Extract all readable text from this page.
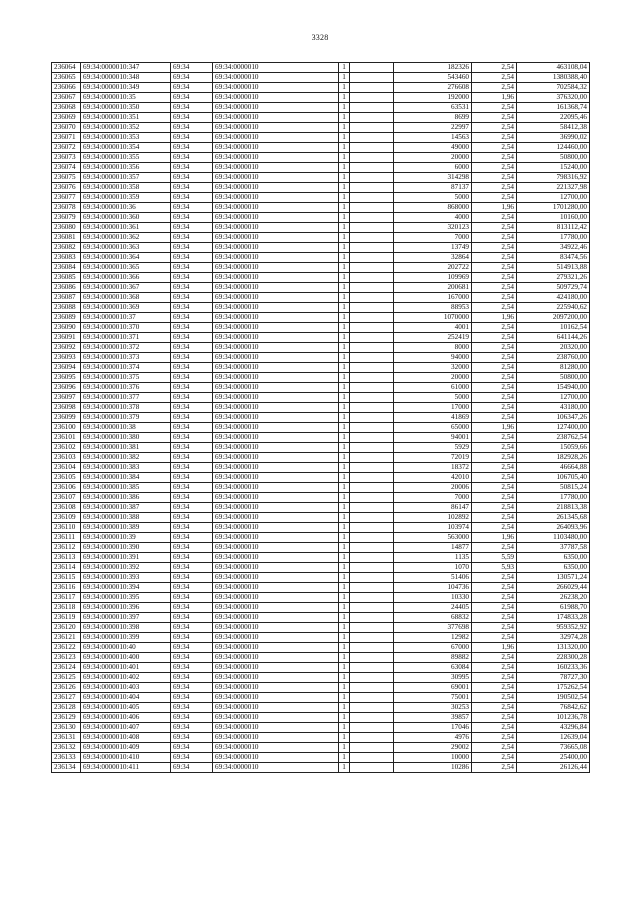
3328
236064	69:34:0000010:347	69:34	69:34:0000010	1		182326	2,54	463108,04
236065	69:34:0000010:348	69:34	69:34:0000010	1		543460	2,54	1380388,40
236066	69:34:0000010:349	69:34	69:34:0000010	1		276608	2,54	702584,32
236067	69:34:0000010:35	69:34	69:34:0000010	1		192000	1,96	376320,00
236068	69:34:0000010:350	69:34	69:34:0000010	1		63531	2,54	161368,74
236069	69:34:0000010:351	69:34	69:34:0000010	1		8699	2,54	22095,46
236070	69:34:0000010:352	69:34	69:34:0000010	1		22997	2,54	58412,38
236071	69:34:0000010:353	69:34	69:34:0000010	1		14563	2,54	36990,02
236072	69:34:0000010:354	69:34	69:34:0000010	1		49000	2,54	124460,00
236073	69:34:0000010:355	69:34	69:34:0000010	1		20000	2,54	50800,00
236074	69:34:0000010:356	69:34	69:34:0000010	1		6000	2,54	15240,00
236075	69:34:0000010:357	69:34	69:34:0000010	1		314298	2,54	798316,92
236076	69:34:0000010:358	69:34	69:34:0000010	1		87137	2,54	221327,98
236077	69:34:0000010:359	69:34	69:34:0000010	1		5000	2,54	12700,00
236078	69:34:0000010:36	69:34	69:34:0000010	1		868000	1,96	1701280,00
236079	69:34:0000010:360	69:34	69:34:0000010	1		4000	2,54	10160,00
236080	69:34:0000010:361	69:34	69:34:0000010	1		320123	2,54	813112,42
236081	69:34:0000010:362	69:34	69:34:0000010	1		7000	2,54	17780,00
236082	69:34:0000010:363	69:34	69:34:0000010	1		13749	2,54	34922,46
236083	69:34:0000010:364	69:34	69:34:0000010	1		32864	2,54	83474,56
236084	69:34:0000010:365	69:34	69:34:0000010	1		202722	2,54	514913,88
236085	69:34:0000010:366	69:34	69:34:0000010	1		109969	2,54	279321,26
236086	69:34:0000010:367	69:34	69:34:0000010	1		200681	2,54	509729,74
236087	69:34:0000010:368	69:34	69:34:0000010	1		167000	2,54	424180,00
236088	69:34:0000010:369	69:34	69:34:0000010	1		88953	2,54	225940,62
236089	69:34:0000010:37	69:34	69:34:0000010	1		1070000	1,96	2097200,00
236090	69:34:0000010:370	69:34	69:34:0000010	1		4001	2,54	10162,54
236091	69:34:0000010:371	69:34	69:34:0000010	1		252419	2,54	641144,26
236092	69:34:0000010:372	69:34	69:34:0000010	1		8000	2,54	20320,00
236093	69:34:0000010:373	69:34	69:34:0000010	1		94000	2,54	238760,00
236094	69:34:0000010:374	69:34	69:34:0000010	1		32000	2,54	81280,00
236095	69:34:0000010:375	69:34	69:34:0000010	1		20000	2,54	50800,00
236096	69:34:0000010:376	69:34	69:34:0000010	1		61000	2,54	154940,00
236097	69:34:0000010:377	69:34	69:34:0000010	1		5000	2,54	12700,00
236098	69:34:0000010:378	69:34	69:34:0000010	1		17000	2,54	43180,00
236099	69:34:0000010:379	69:34	69:34:0000010	1		41869	2,54	106347,26
236100	69:34:0000010:38	69:34	69:34:0000010	1		65000	1,96	127400,00
236101	69:34:0000010:380	69:34	69:34:0000010	1		94001	2,54	238762,54
236102	69:34:0000010:381	69:34	69:34:0000010	1		5929	2,54	15059,66
236103	69:34:0000010:382	69:34	69:34:0000010	1		72019	2,54	182928,26
236104	69:34:0000010:383	69:34	69:34:0000010	1		18372	2,54	46664,88
236105	69:34:0000010:384	69:34	69:34:0000010	1		42010	2,54	106705,40
236106	69:34:0000010:385	69:34	69:34:0000010	1		20006	2,54	50815,24
236107	69:34:0000010:386	69:34	69:34:0000010	1		7000	2,54	17780,00
236108	69:34:0000010:387	69:34	69:34:0000010	1		86147	2,54	218813,38
236109	69:34:0000010:388	69:34	69:34:0000010	1		102892	2,54	261345,68
236110	69:34:0000010:389	69:34	69:34:0000010	1		103974	2,54	264093,96
236111	69:34:0000010:39	69:34	69:34:0000010	1		563000	1,96	1103480,00
236112	69:34:0000010:390	69:34	69:34:0000010	1		14877	2,54	37787,58
236113	69:34:0000010:391	69:34	69:34:0000010	1		1135	5,59	6350,00
236114	69:34:0000010:392	69:34	69:34:0000010	1		1070	5,93	6350,00
236115	69:34:0000010:393	69:34	69:34:0000010	1		51406	2,54	130571,24
236116	69:34:0000010:394	69:34	69:34:0000010	1		104736	2,54	266029,44
236117	69:34:0000010:395	69:34	69:34:0000010	1		10330	2,54	26238,20
236118	69:34:0000010:396	69:34	69:34:0000010	1		24405	2,54	61988,70
236119	69:34:0000010:397	69:34	69:34:0000010	1		68832	2,54	174833,28
236120	69:34:0000010:398	69:34	69:34:0000010	1		377698	2,54	959352,92
236121	69:34:0000010:399	69:34	69:34:0000010	1		12982	2,54	32974,28
236122	69:34:0000010:40	69:34	69:34:0000010	1		67000	1,96	131320,00
236123	69:34:0000010:400	69:34	69:34:0000010	1		89882	2,54	228300,28
236124	69:34:0000010:401	69:34	69:34:0000010	1		63084	2,54	160233,36
236125	69:34:0000010:402	69:34	69:34:0000010	1		30995	2,54	78727,30
236126	69:34:0000010:403	69:34	69:34:0000010	1		69001	2,54	175262,54
236127	69:34:0000010:404	69:34	69:34:0000010	1		75001	2,54	190502,54
236128	69:34:0000010:405	69:34	69:34:0000010	1		30253	2,54	76842,62
236129	69:34:0000010:406	69:34	69:34:0000010	1		39857	2,54	101236,78
236130	69:34:0000010:407	69:34	69:34:0000010	1		17046	2,54	43296,84
236131	69:34:0000010:408	69:34	69:34:0000010	1		4976	2,54	12639,04
236132	69:34:0000010:409	69:34	69:34:0000010	1		29002	2,54	73665,08
236133	69:34:0000010:410	69:34	69:34:0000010	1		10000	2,54	25400,00
236134	69:34:0000010:411	69:34	69:34:0000010	1		10286	2,54	26126,44
